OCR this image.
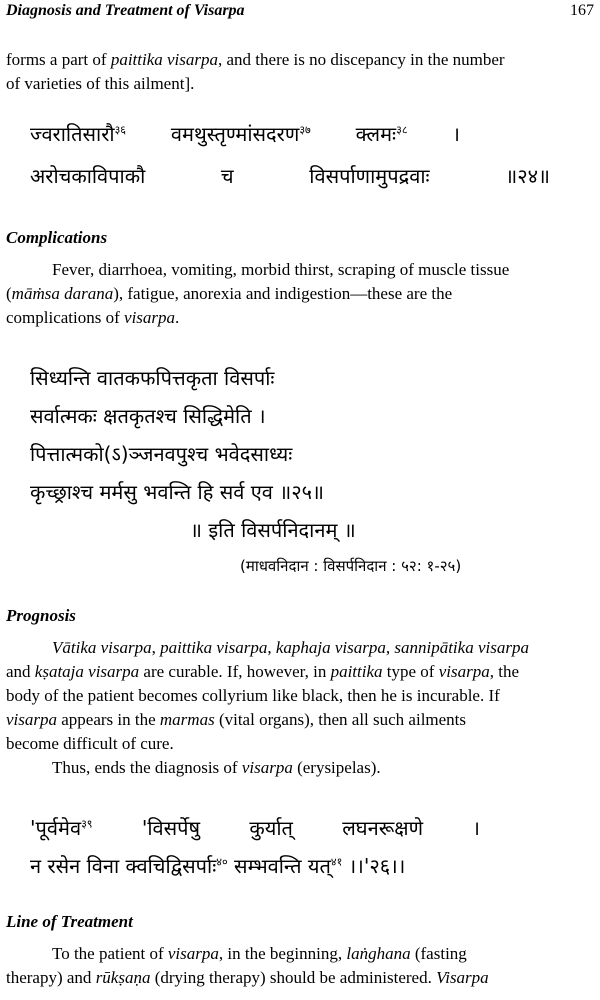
Diagnosis and Treatment of Visarpa	167
forms a part of paittika visarpa, and there is no discepancy in the number
of varieties of this ailment].
ज्वरातिसारौ$^{३६}$ वमथुस्तृण्मांसदरण$^{३७}$ क्लमः$^{३८}$ ।
अरोचकाविपाकौ	च	विसर्पाणामुपद्रवाः	॥२४॥
Complications
Fever, diarrhoea, vomiting, morbid thirst, scraping of muscle tissue
(māṁsa darana), fatigue, anorexia and indigestion—these are the
complications of visarpa.
सिध्यन्ति वातकफपित्तकृता विसर्पाः
सर्वात्मकः क्षतकृतश्च सिद्धिमेति ।
पित्तात्मको(ऽ)ञ्जनवपुश्च भवेदसाध्यः
कृच्छ्राश्च मर्मसु भवन्ति हि सर्व एव ॥२५॥
॥ इति विसर्पनिदानम् ॥
(माधवनिदान : विसर्पनिदान : ५२: १-२५)
Prognosis
Vātika visarpa, paittika visarpa, kaphaja visarpa, sannipātika visarpa
and kṣataja visarpa are curable. If, however, in paittika type of visarpa, the
body of the patient becomes collyrium like black, then he is incurable. If
visarpa appears in the marmas (vital organs), then all such ailments
become difficult of cure.
Thus, ends the diagnosis of visarpa (erysipelas).
'पूर्वमेव$^{३९}$ 'विसर्पेषु कुर्यात् लघनरूक्षणे ।
न रसेन विना क्वचिद्विसर्पाः$^{४०}$ सम्भवन्ति यत्$^{४१}$ ।।'२६।।
Line of Treatment
To the patient of visarpa, in the beginning, laṅghana (fasting
therapy) and rūkṣaṇa (drying therapy) should be administered. Visarpa
